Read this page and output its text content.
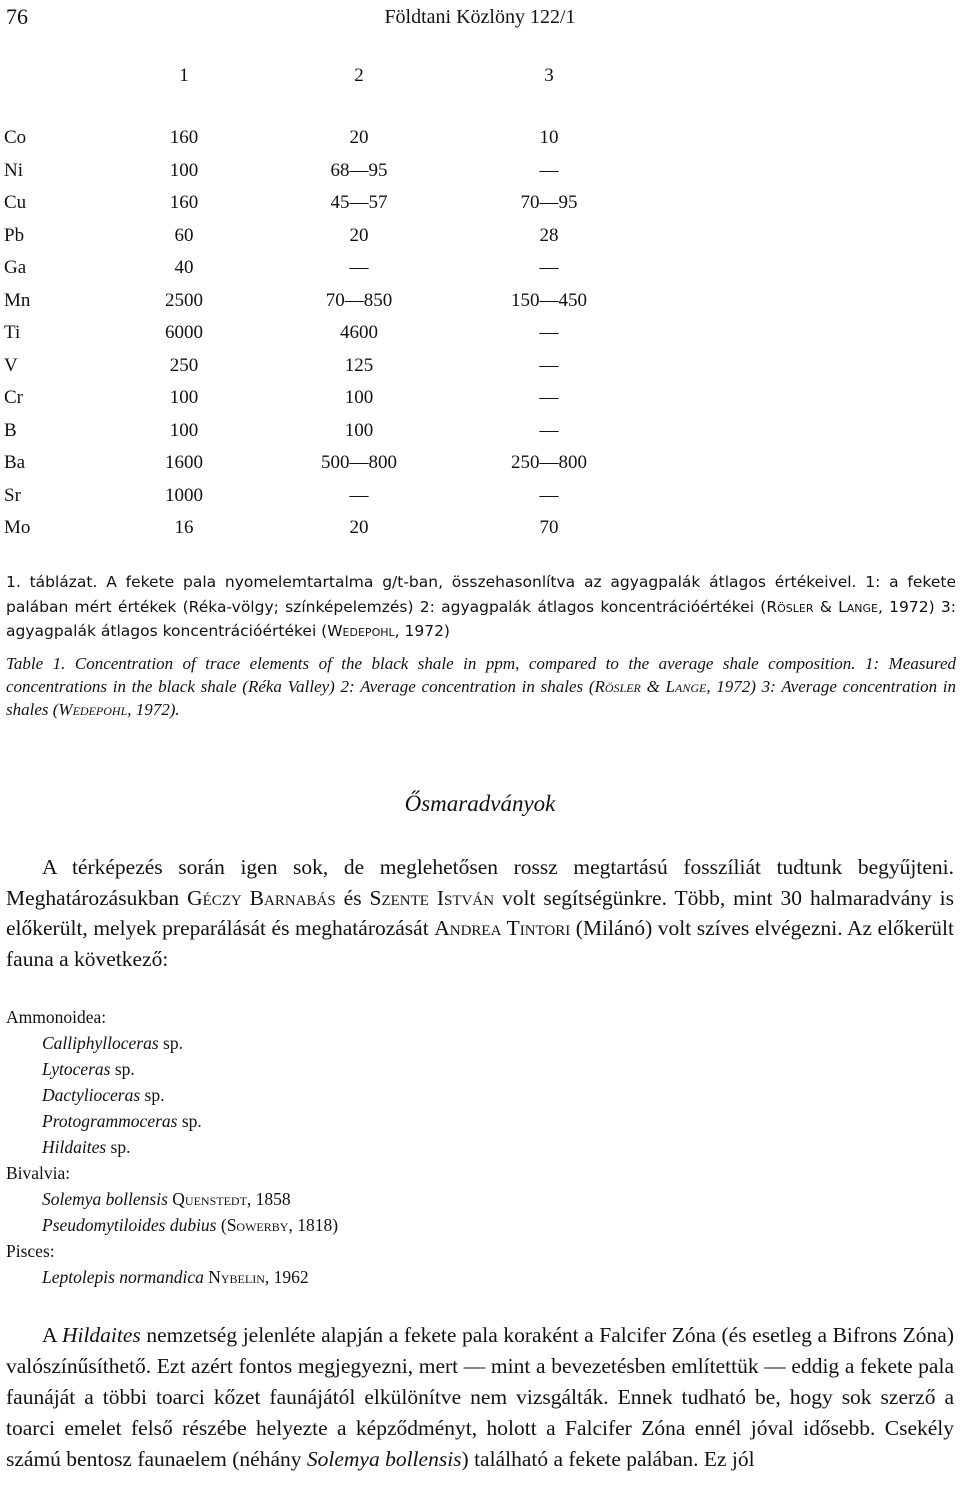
76	Földtani Közlöny 122/1
	1	2	3

Co	160	20	10
Ni	100	68—95	—
Cu	160	45—57	70—95
Pb	60	20	28
Ga	40	—	—
Mn	2500	70—850	150—450
Ti	6000	4600	—
V	250	125	—
Cr	100	100	—
B	100	100	—
Ba	1600	500—800	250—800
Sr	1000	—	—
Mo	16	20	70
1. táblázat. A fekete pala nyomelemtartalma g/t-ban, összehasonlítva az agyagpalák átlagos értékeivel. 1: a fekete palában mért értékek (Réka-völgy; színképelemzés) 2: agyagpalák átlagos koncentrációértékei (Rösler & Lange, 1972) 3: agyagpalák átlagos koncentrációértékei (Wedepohl, 1972)
Table 1. Concentration of trace elements of the black shale in ppm, compared to the average shale composition. 1: Measured concentrations in the black shale (Réka Valley) 2: Average concentration in shales (Rösler & Lange, 1972) 3: Average concentration in shales (Wedepohl, 1972).
Ősmaradványok

A térképezés során igen sok, de meglehetősen rossz megtartású fosszíliát tudtunk begyűjteni. Meghatározásukban Géczy Barnabás és Szente István volt segítségünkre. Több, mint 30 halmaradvány is előkerült, melyek preparálását és meghatározását Andrea Tintori (Milánó) volt szíves elvégezni. Az előkerült fauna a következő:

Ammonoidea:
Calliphylloceras sp.
Lytoceras sp.
Dactylioceras sp.
Protogrammoceras sp.
Hildaites sp.
Bivalvia:
Solemya bollensis Quenstedt, 1858
Pseudomytiloides dubius (Sowerby, 1818)
Pisces:
Leptolepis normandica Nybelin, 1962

A Hildaites nemzetség jelenléte alapján a fekete pala koraként a Falcifer Zóna (és esetleg a Bifrons Zóna) valószínűsíthető. Ezt azért fontos megjegyezni, mert — mint a bevezetésben említettük — eddig a fekete pala faunáját a többi toarci kőzet faunájától elkülönítve nem vizsgálták. Ennek tudható be, hogy sok szerző a toarci emelet felső részébe helyezte a képződményt, holott a Falcifer Zóna ennél jóval idősebb. Csekély számú bentosz faunaelem (néhány Solemya bollensis) található a fekete palában. Ez jól
